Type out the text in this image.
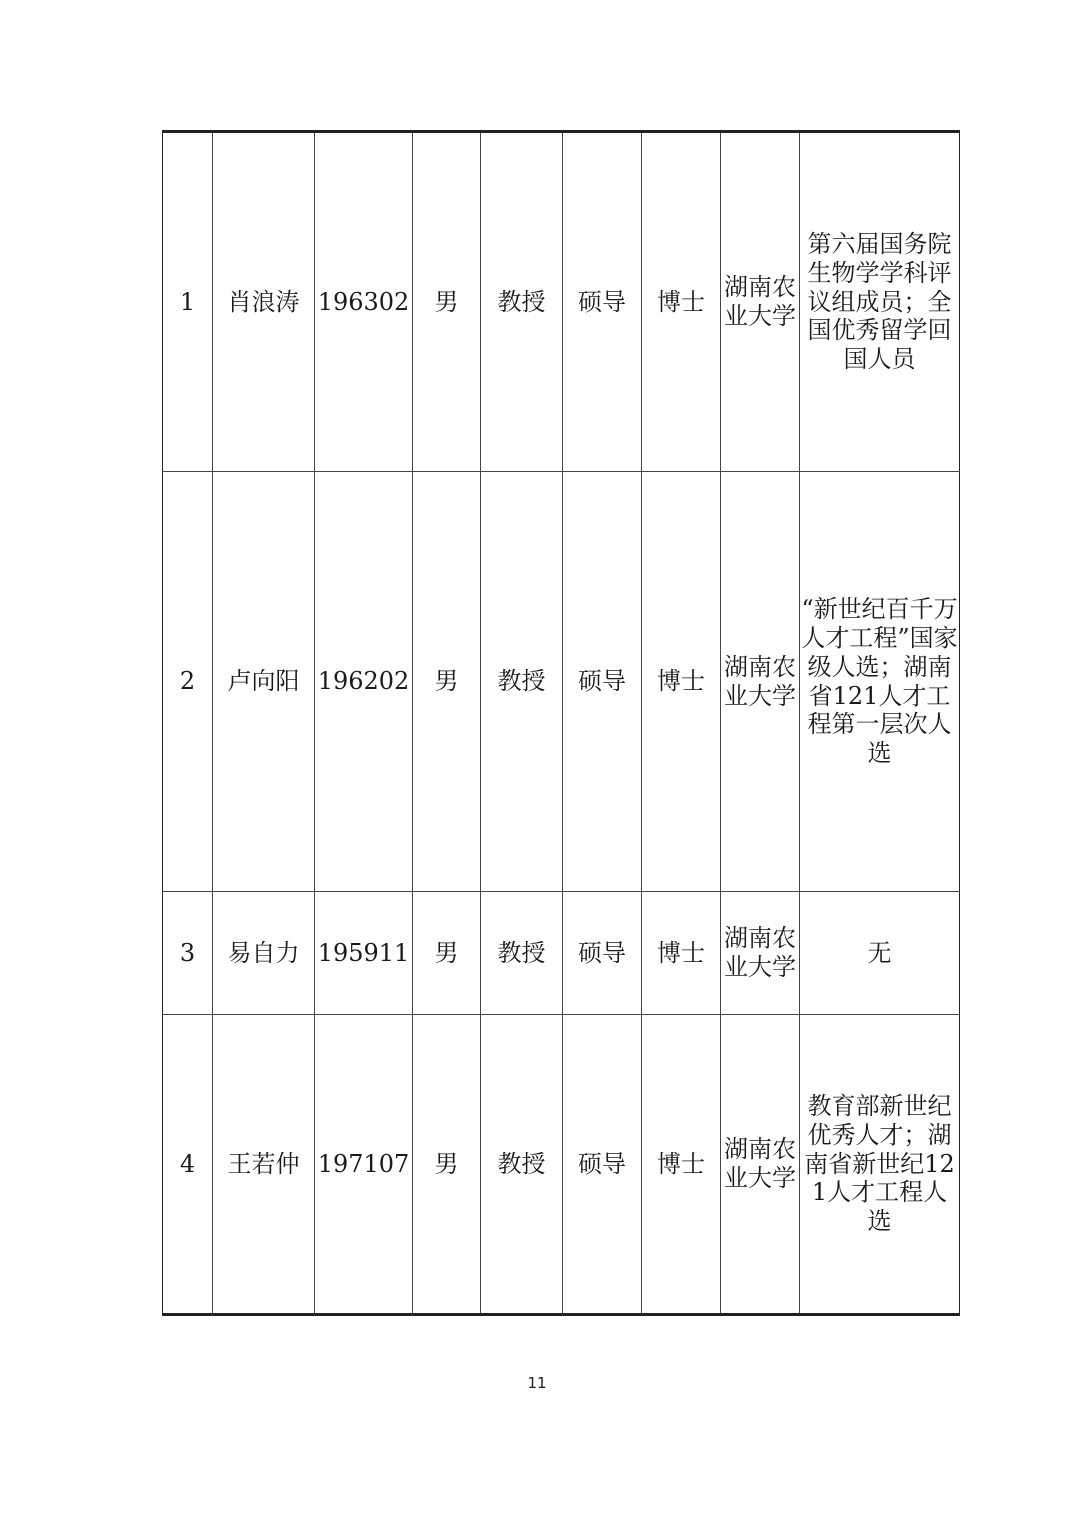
1	肖浪涛	196302	男	教授	硕导	博士	湖南农业大学	第六届国务院生物学学科评议组成员；全国优秀留学回国人员
2	卢向阳	196202	男	教授	硕导	博士	湖南农业大学	“新世纪百千万人才工程”国家级人选；湖南省121人才工程第一层次人选
3	易自力	195911	男	教授	硕导	博士	湖南农业大学	无
4	王若仲	197107	男	教授	硕导	博士	湖南农业大学	教育部新世纪优秀人才；湖南省新世纪121人才工程人选
11
